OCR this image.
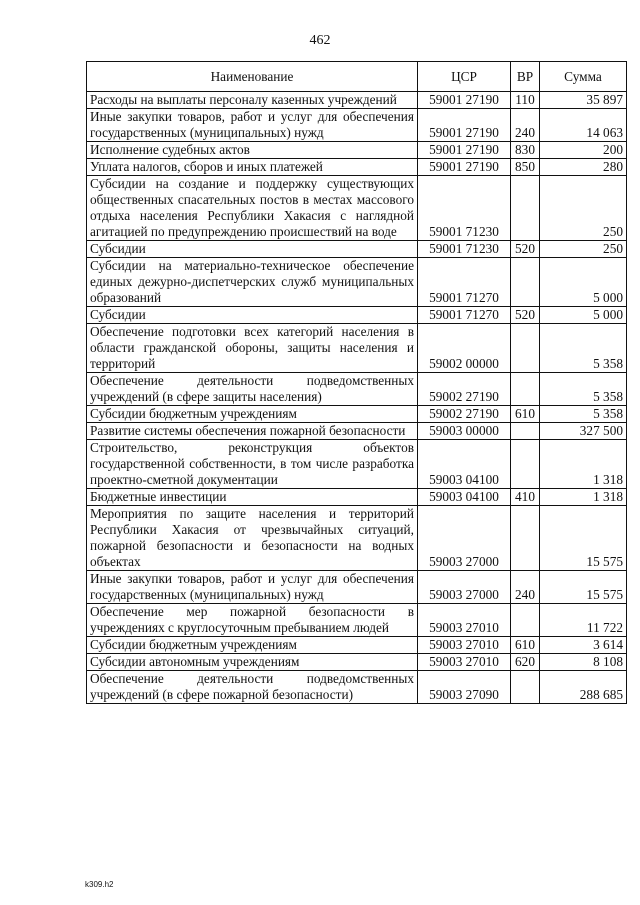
462
Наименование	ЦСР	ВР	Сумма
Расходы на выплаты персоналу казенных учреждений	59001 27190	110	35 897
Иные закупки товаров, работ и услуг для обеспечения государственных (муниципальных) нужд	59001 27190	240	14 063
Исполнение судебных актов	59001 27190	830	200
Уплата налогов, сборов и иных платежей	59001 27190	850	280
Субсидии на создание и поддержку существующих общественных спасательных постов в местах массового отдыха населения Республики Хакасия с наглядной агитацией по предупреждению происшествий на воде	59001 71230		250
Субсидии	59001 71230	520	250
Субсидии на материально-техническое обеспечение единых дежурно-диспетчерских служб муниципальных образований	59001 71270		5 000
Субсидии	59001 71270	520	5 000
Обеспечение подготовки всех категорий населения в области гражданской обороны, защиты населения и территорий	59002 00000		5 358
Обеспечение деятельности подведомственных учреждений (в сфере защиты населения)	59002 27190		5 358
Субсидии бюджетным учреждениям	59002 27190	610	5 358
Развитие системы обеспечения пожарной безопасности	59003 00000		327 500
Строительство, реконструкция объектов государственной собственности, в том числе разработка проектно-сметной документации	59003 04100		1 318
Бюджетные инвестиции	59003 04100	410	1 318
Мероприятия по защите населения и территорий Республики Хакасия от чрезвычайных ситуаций, пожарной безопасности и безопасности на водных объектах	59003 27000		15 575
Иные закупки товаров, работ и услуг для обеспечения государственных (муниципальных) нужд	59003 27000	240	15 575
Обеспечение мер пожарной безопасности в учреждениях с круглосуточным пребыванием людей	59003 27010		11 722
Субсидии бюджетным учреждениям	59003 27010	610	3 614
Субсидии автономным учреждениям	59003 27010	620	8 108
Обеспечение деятельности подведомственных учреждений (в сфере пожарной безопасности)	59003 27090		288 685
k309.h2
